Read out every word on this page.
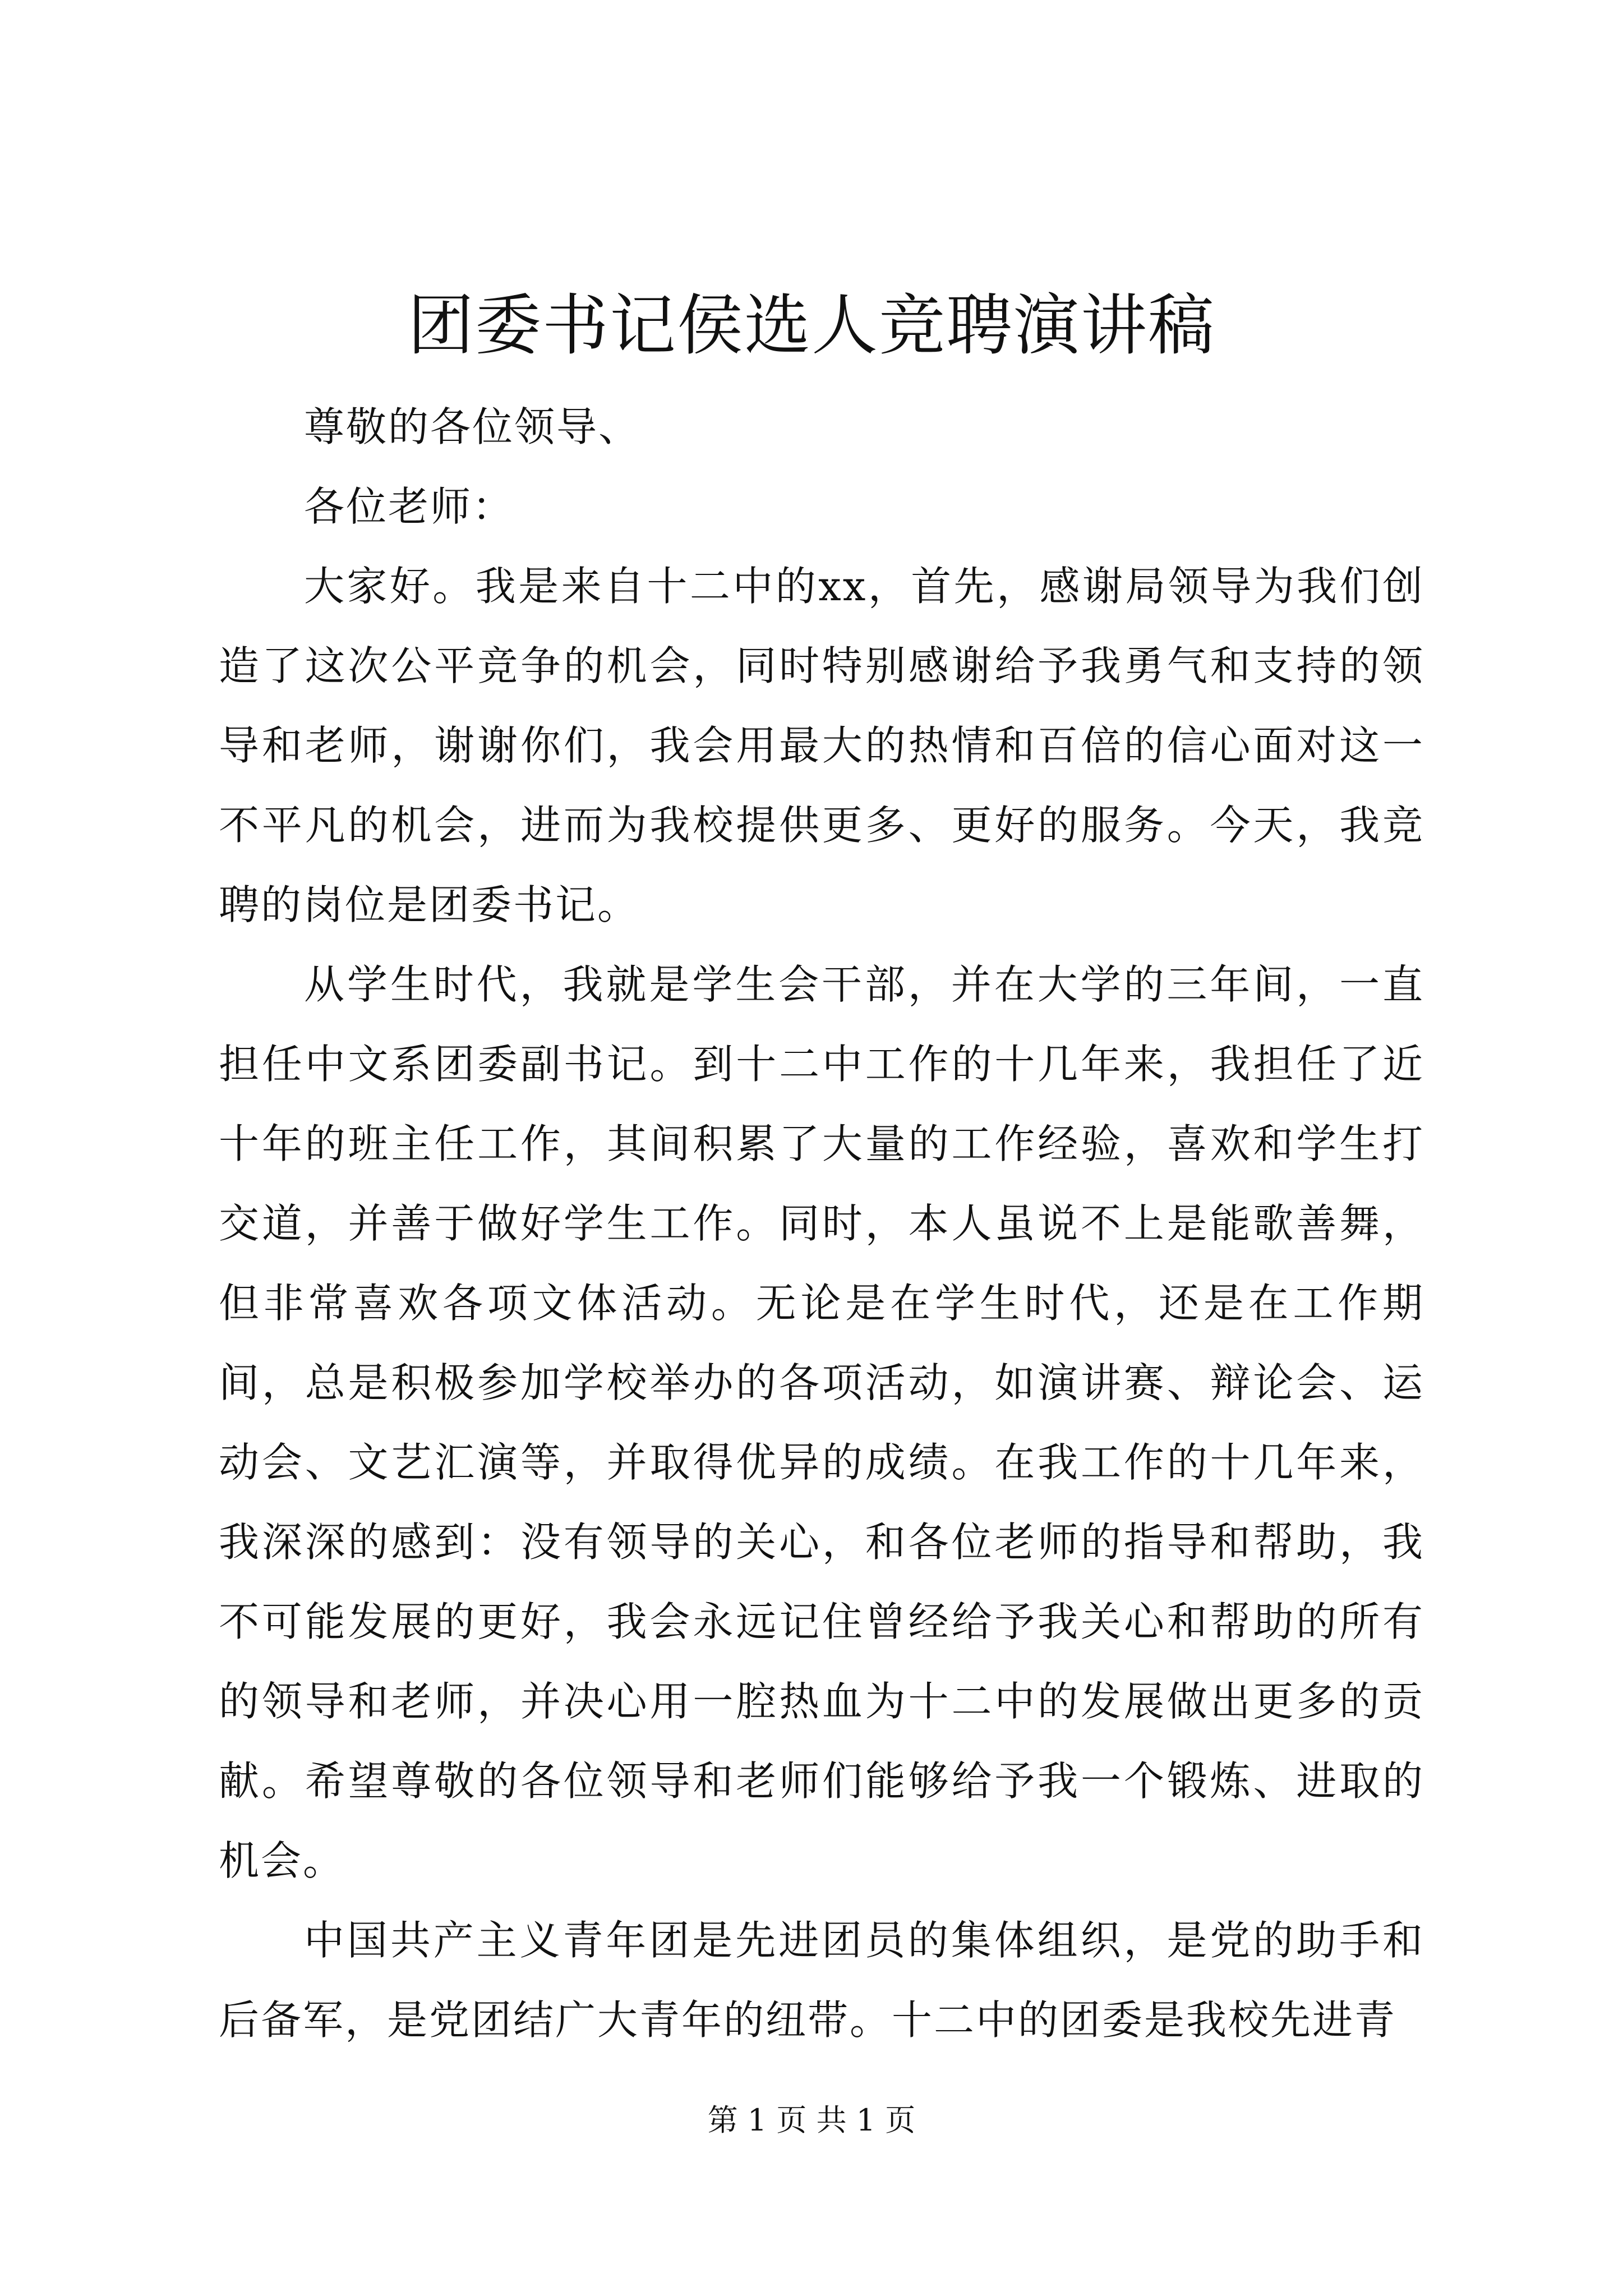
团委书记侯选人竞聘演讲稿

尊敬的各位领导、

各位老师：

大家好。我是来自十二中的xx，首先，感谢局领导为我们创造了这次公平竞争的机会，同时特别感谢给予我勇气和支持的领导和老师，谢谢你们，我会用最大的热情和百倍的信心面对这一不平凡的机会，进而为我校提供更多、更好的服务。今天，我竞聘的岗位是团委书记。

从学生时代，我就是学生会干部，并在大学的三年间，一直担任中文系团委副书记。到十二中工作的十几年来，我担任了近十年的班主任工作，其间积累了大量的工作经验，喜欢和学生打交道，并善于做好学生工作。同时，本人虽说不上是能歌善舞，但非常喜欢各项文体活动。无论是在学生时代，还是在工作期间，总是积极参加学校举办的各项活动，如演讲赛、辩论会、运动会、文艺汇演等，并取得优异的成绩。在我工作的十几年来，我深深的感到：没有领导的关心，和各位老师的指导和帮助，我不可能发展的更好，我会永远记住曾经给予我关心和帮助的所有的领导和老师，并决心用一腔热血为十二中的发展做出更多的贡献。希望尊敬的各位领导和老师们能够给予我一个锻炼、进取的机会。

中国共产主义青年团是先进团员的集体组织，是党的助手和后备军，是党团结广大青年的纽带。十二中的团委是我校先进青

第 1 页 共 1 页
